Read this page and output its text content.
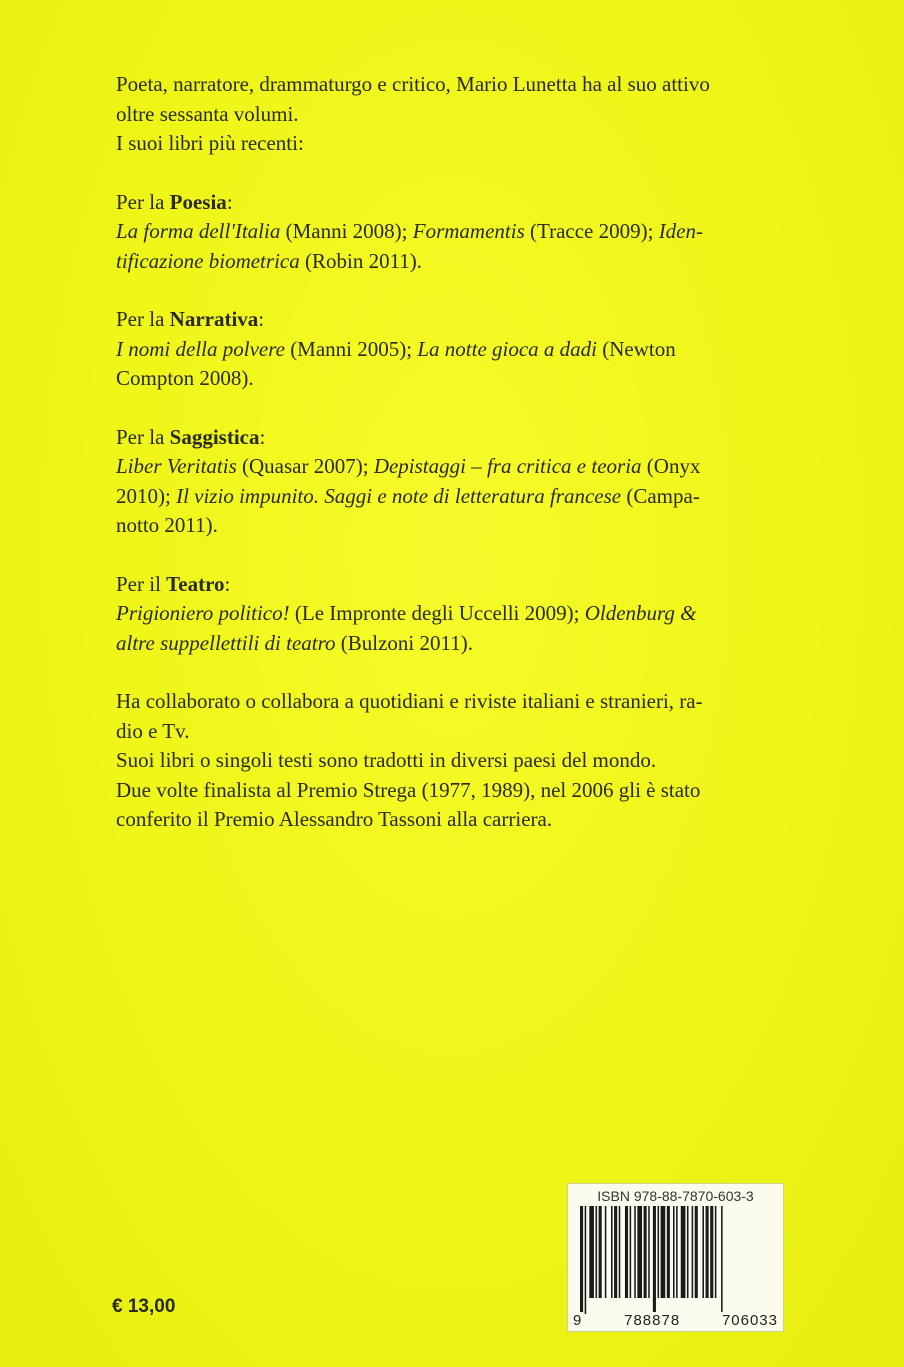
Poeta, narratore, drammaturgo e critico, Mario Lunetta ha al suo attivo

oltre sessanta volumi.

I suoi libri più recenti:

Per la Poesia:

La forma dell'Italia (Manni 2008); Formamentis (Tracce 2009); Iden-

tificazione biometrica (Robin 2011).

Per la Narrativa:

I nomi della polvere (Manni 2005); La notte gioca a dadi (Newton

Compton 2008).

Per la Saggistica:

Liber Veritatis (Quasar 2007); Depistaggi – fra critica e teoria (Onyx

2010); Il vizio impunito. Saggi e note di letteratura francese (Campa-

notto 2011).

Per il Teatro:

Prigioniero politico! (Le Impronte degli Uccelli 2009); Oldenburg &

altre suppellettili di teatro (Bulzoni 2011).

Ha collaborato o collabora a quotidiani e riviste italiani e stranieri, ra-

dio e Tv.

Suoi libri o singoli testi sono tradotti in diversi paesi del mondo.

Due volte finalista al Premio Strega (1977, 1989), nel 2006 gli è stato

conferito il Premio Alessandro Tassoni alla carriera.

ISBN 978-88-7870-603-3
9	788878	706033
€ 13,00
